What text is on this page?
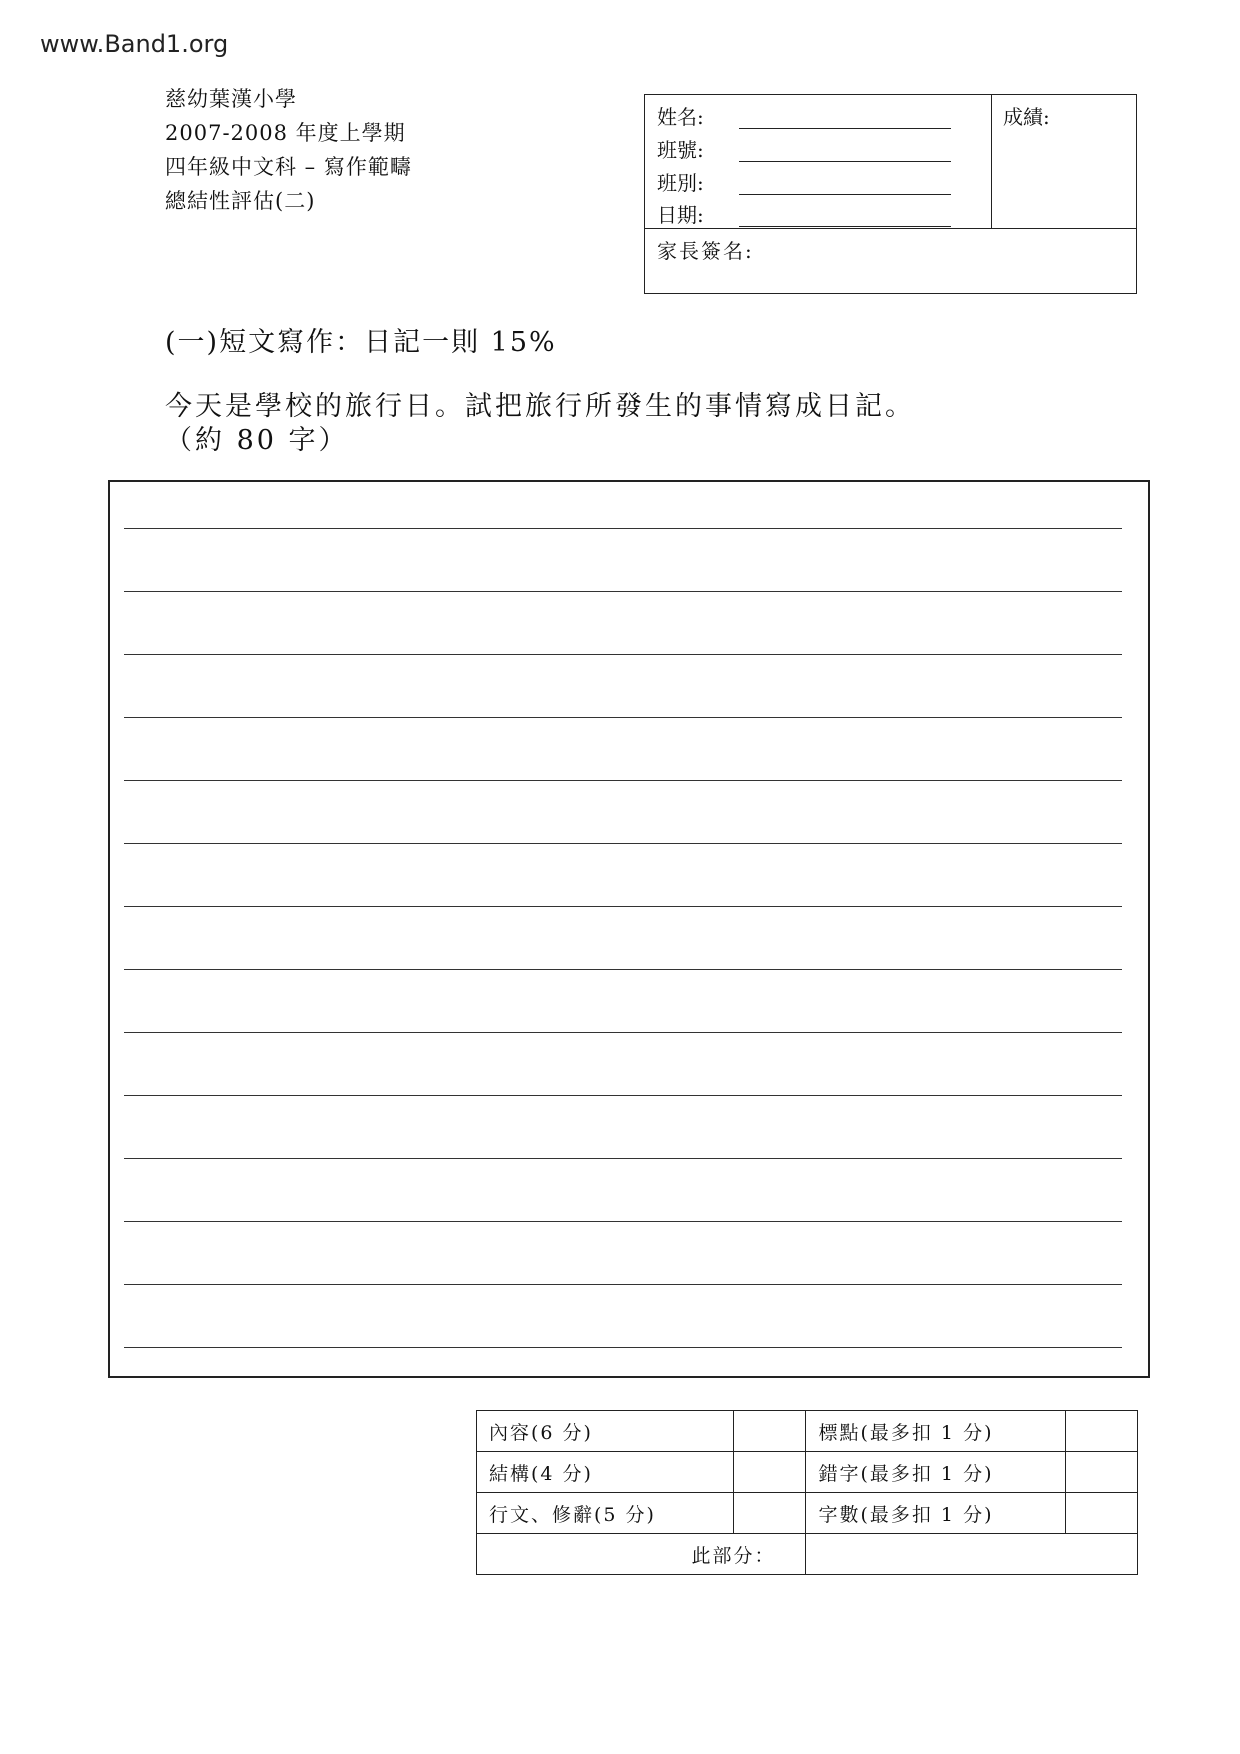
www.Band1.org
慈幼葉漢小學
2007-2008 年度上學期
四年級中文科 – 寫作範疇
總結性評估(二)
姓名:
班號:
班別:
日期:
成績:
家長簽名:
(一)短文寫作：日記一則 15%
今天是學校的旅行日。試把旅行所發生的事情寫成日記。
（約 80 字）
內容(6 分)		標點(最多扣 1 分)	
結構(4 分)		錯字(最多扣 1 分)	
行文、修辭(5 分)		字數(最多扣 1 分)	
此部分：			
